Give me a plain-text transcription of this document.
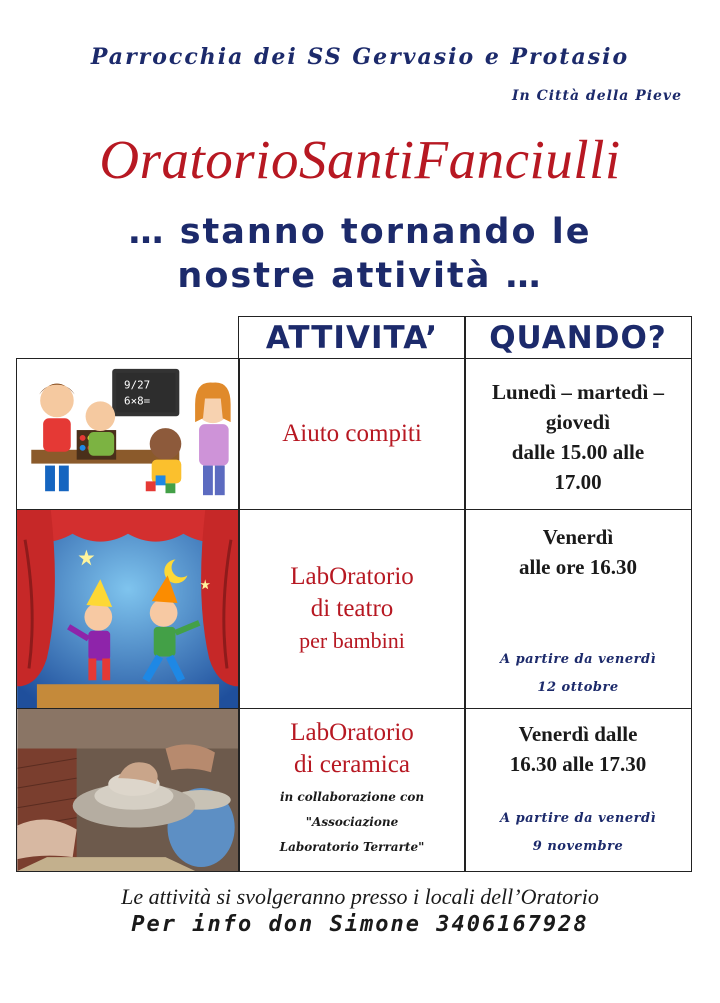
Parrocchia dei SS Gervasio e Protasio
In Città della Pieve
OratorioSantiFanciulli
… stanno tornando le
nostre attività …
ATTIVITA’	QUANDO?
9/27
6×8=
Aiuto compiti
Lunedì – martedì –
giovedì
dalle 15.00 alle
17.00
LabOratorio
di teatro
per bambini
Venerdì
alle ore 16.30
A partire da venerdì
12 ottobre
LabOratorio
di ceramica
in collaborazione con
"Associazione
Laboratorio Terrarte"
Venerdì dalle
16.30 alle 17.30
A partire da venerdì
9 novembre
Le attività si svolgeranno presso i locali dell’Oratorio
Per info don Simone 3406167928
